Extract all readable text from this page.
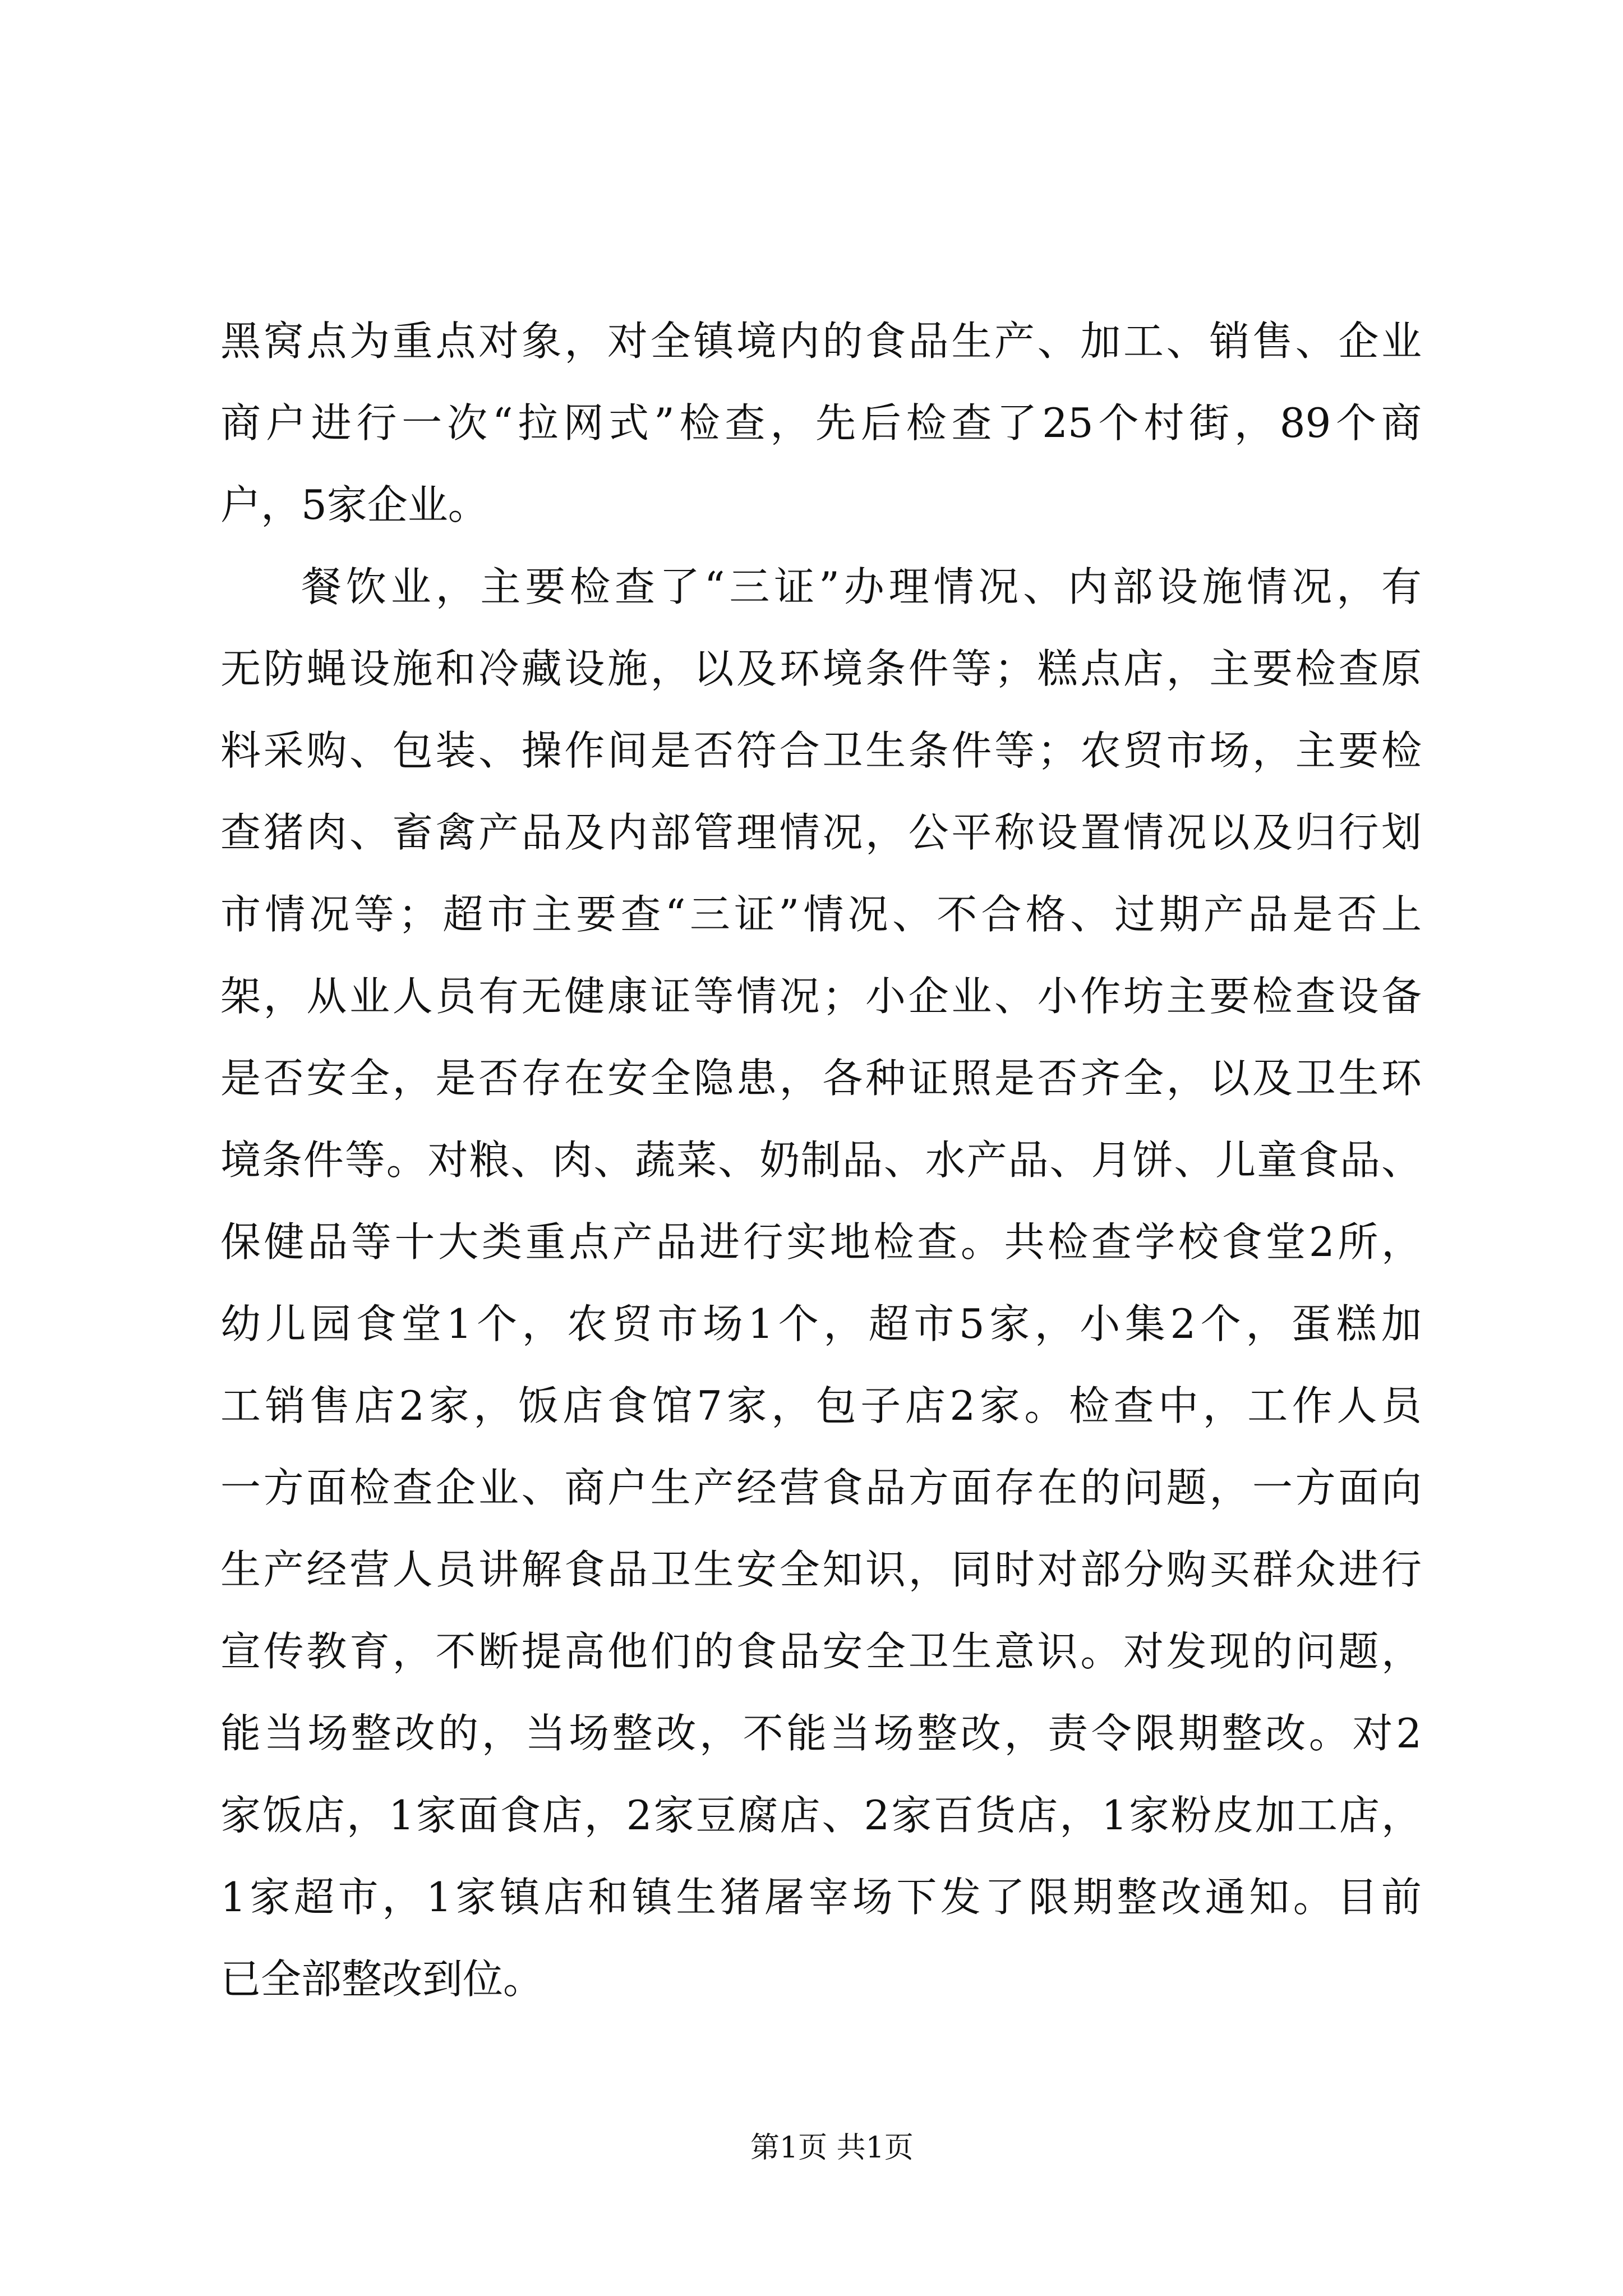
黑窝点为重点对象，对全镇境内的食品生产、加工、销售、企业
商户进行一次“拉网式”检查，先后检查了25个村街，89个商
户，5家企业。
餐饮业，主要检查了“三证”办理情况、内部设施情况，有
无防蝇设施和冷藏设施，以及环境条件等；糕点店，主要检查原
料采购、包装、操作间是否符合卫生条件等；农贸市场，主要检
查猪肉、畜禽产品及内部管理情况，公平称设置情况以及归行划
市情况等；超市主要查“三证”情况、不合格、过期产品是否上
架，从业人员有无健康证等情况；小企业、小作坊主要检查设备
是否安全，是否存在安全隐患，各种证照是否齐全，以及卫生环
境条件等。对粮、肉、蔬菜、奶制品、水产品、月饼、儿童食品、
保健品等十大类重点产品进行实地检查。共检查学校食堂2所，
幼儿园食堂1个，农贸市场1个，超市5家，小集2个，蛋糕加
工销售店2家，饭店食馆7家，包子店2家。检查中，工作人员
一方面检查企业、商户生产经营食品方面存在的问题，一方面向
生产经营人员讲解食品卫生安全知识，同时对部分购买群众进行
宣传教育，不断提高他们的食品安全卫生意识。对发现的问题，
能当场整改的，当场整改，不能当场整改，责令限期整改。对2
家饭店，1家面食店，2家豆腐店、2家百货店，1家粉皮加工店，
1家超市，1家镇店和镇生猪屠宰场下发了限期整改通知。目前
已全部整改到位。
第1页 共1页
